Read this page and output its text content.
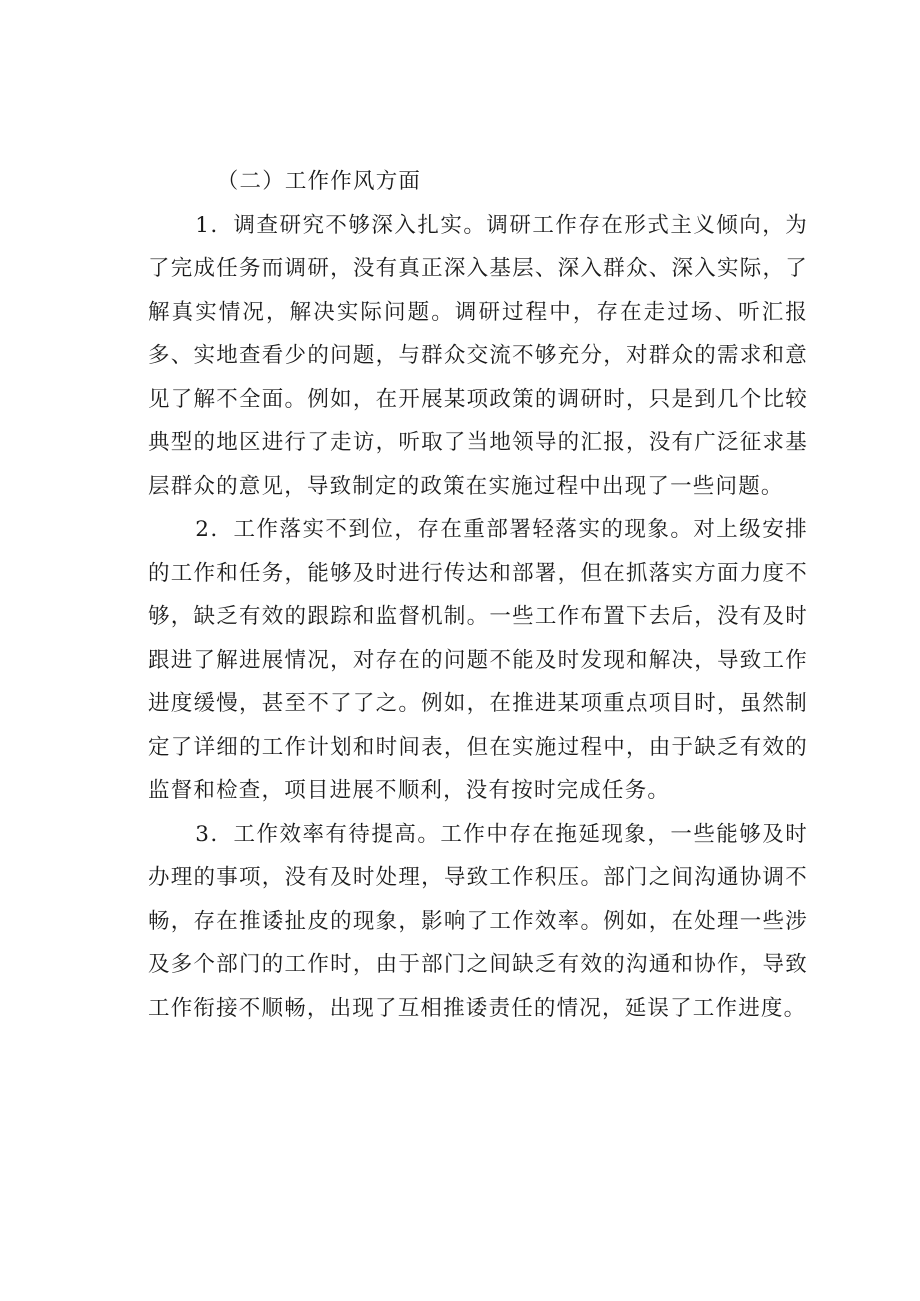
（二）工作作风方面

1．调查研究不够深入扎实。调研工作存在形式主义倾向，为了完成任务而调研，没有真正深入基层、深入群众、深入实际，了解真实情况，解决实际问题。调研过程中，存在走过场、听汇报多、实地查看少的问题，与群众交流不够充分，对群众的需求和意见了解不全面。例如，在开展某项政策的调研时，只是到几个比较典型的地区进行了走访，听取了当地领导的汇报，没有广泛征求基层群众的意见，导致制定的政策在实施过程中出现了一些问题。

2．工作落实不到位，存在重部署轻落实的现象。对上级安排的工作和任务，能够及时进行传达和部署，但在抓落实方面力度不够，缺乏有效的跟踪和监督机制。一些工作布置下去后，没有及时跟进了解进展情况，对存在的问题不能及时发现和解决，导致工作进度缓慢，甚至不了了之。例如，在推进某项重点项目时，虽然制定了详细的工作计划和时间表，但在实施过程中，由于缺乏有效的监督和检查，项目进展不顺利，没有按时完成任务。

3．工作效率有待提高。工作中存在拖延现象，一些能够及时办理的事项，没有及时处理，导致工作积压。部门之间沟通协调不畅，存在推诿扯皮的现象，影响了工作效率。例如，在处理一些涉及多个部门的工作时，由于部门之间缺乏有效的沟通和协作，导致工作衔接不顺畅，出现了互相推诿责任的情况，延误了工作进度。
